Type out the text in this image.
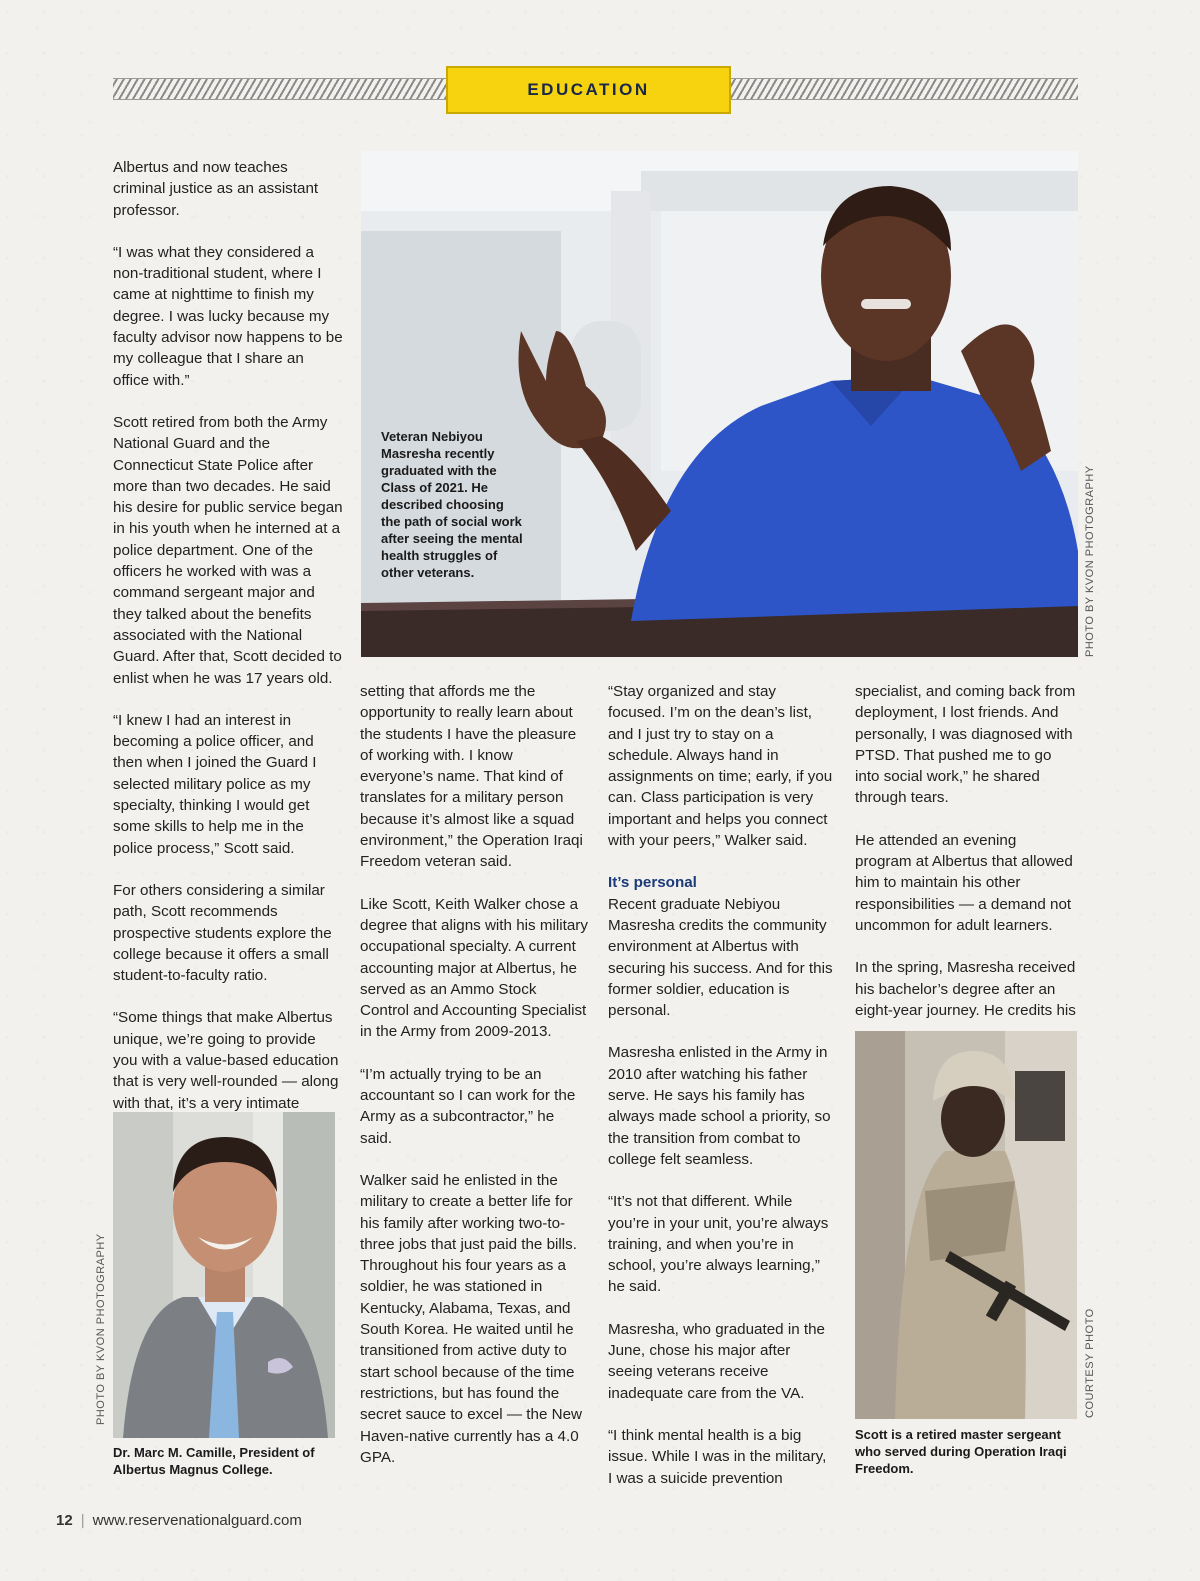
EDUCATION

Albertus and now teaches criminal justice as an assistant professor.

“I was what they considered a non-traditional student, where I came at nighttime to finish my degree. I was lucky because my faculty advisor now happens to be my colleague that I share an office with.”

Scott retired from both the Army National Guard and the Connecticut State Police after more than two decades. He said his desire for public service began in his youth when he interned at a police department. One of the officers he worked with was a command sergeant major and they talked about the benefits associated with the National Guard. After that, Scott decided to enlist when he was 17 years old.

“I knew I had an interest in becoming a police officer, and then when I joined the Guard I selected military police as my specialty, thinking I would get some skills to help me in the police process,” Scott said.

For others considering a similar path, Scott recommends prospective students explore the college because it offers a small student-to-faculty ratio.

“Some things that make Albertus unique, we’re going to provide you with a value-based education that is very well-rounded — along with that, it’s a very intimate

Veteran Nebiyou Masresha recently graduated with the Class of 2021. He described choosing the path of social work after seeing the mental health struggles of other veterans.	PHOTO BY KVON PHOTOGRAPHY

setting that affords me the opportunity to really learn about the students I have the pleasure of working with. I know everyone’s name. That kind of translates for a military person because it’s almost like a squad environment,” the Operation Iraqi Freedom veteran said.

Like Scott, Keith Walker chose a degree that aligns with his military occupational specialty. A current accounting major at Albertus, he served as an Ammo Stock Control and Accounting Specialist in the Army from 2009-2013.

“I’m actually trying to be an accountant so I can work for the Army as a subcontractor,” he said.

Walker said he enlisted in the military to create a better life for his family after working two-to-three jobs that just paid the bills. Throughout his four years as a soldier, he was stationed in Kentucky, Alabama, Texas, and South Korea. He waited until he transitioned from active duty to start school because of the time restrictions, but has found the secret sauce to excel — the New Haven-native currently has a 4.0 GPA.

“Stay organized and stay focused. I’m on the dean’s list, and I just try to stay on a schedule. Always hand in assignments on time; early, if you can. Class participation is very important and helps you connect with your peers,” Walker said.

It’s personal

Recent graduate Nebiyou Masresha credits the community environment at Albertus with securing his success. And for this former soldier, education is personal.

Masresha enlisted in the Army in 2010 after watching his father serve. He says his family has always made school a priority, so the transition from combat to college felt seamless.

“It’s not that different. While you’re in your unit, you’re always training, and when you’re in school, you’re always learning,” he said.

Masresha, who graduated in the June, chose his major after seeing veterans receive inadequate care from the VA.

“I think mental health is a big issue. While I was in the military, I was a suicide prevention

specialist, and coming back from deployment, I lost friends. And personally, I was diagnosed with PTSD. That pushed me to go into social work,” he shared through tears.

He attended an evening program at Albertus that allowed him to maintain his other responsibilities — a demand not uncommon for adult learners.

In the spring, Masresha received his bachelor’s degree after an eight-year journey. He credits his

Dr. Marc M. Camille, President of Albertus Magnus College.
PHOTO BY KVON PHOTOGRAPHY
Scott is a retired master sergeant who served during Operation Iraqi Freedom.
COURTESY PHOTO
12 | www.reservenationalguard.com
